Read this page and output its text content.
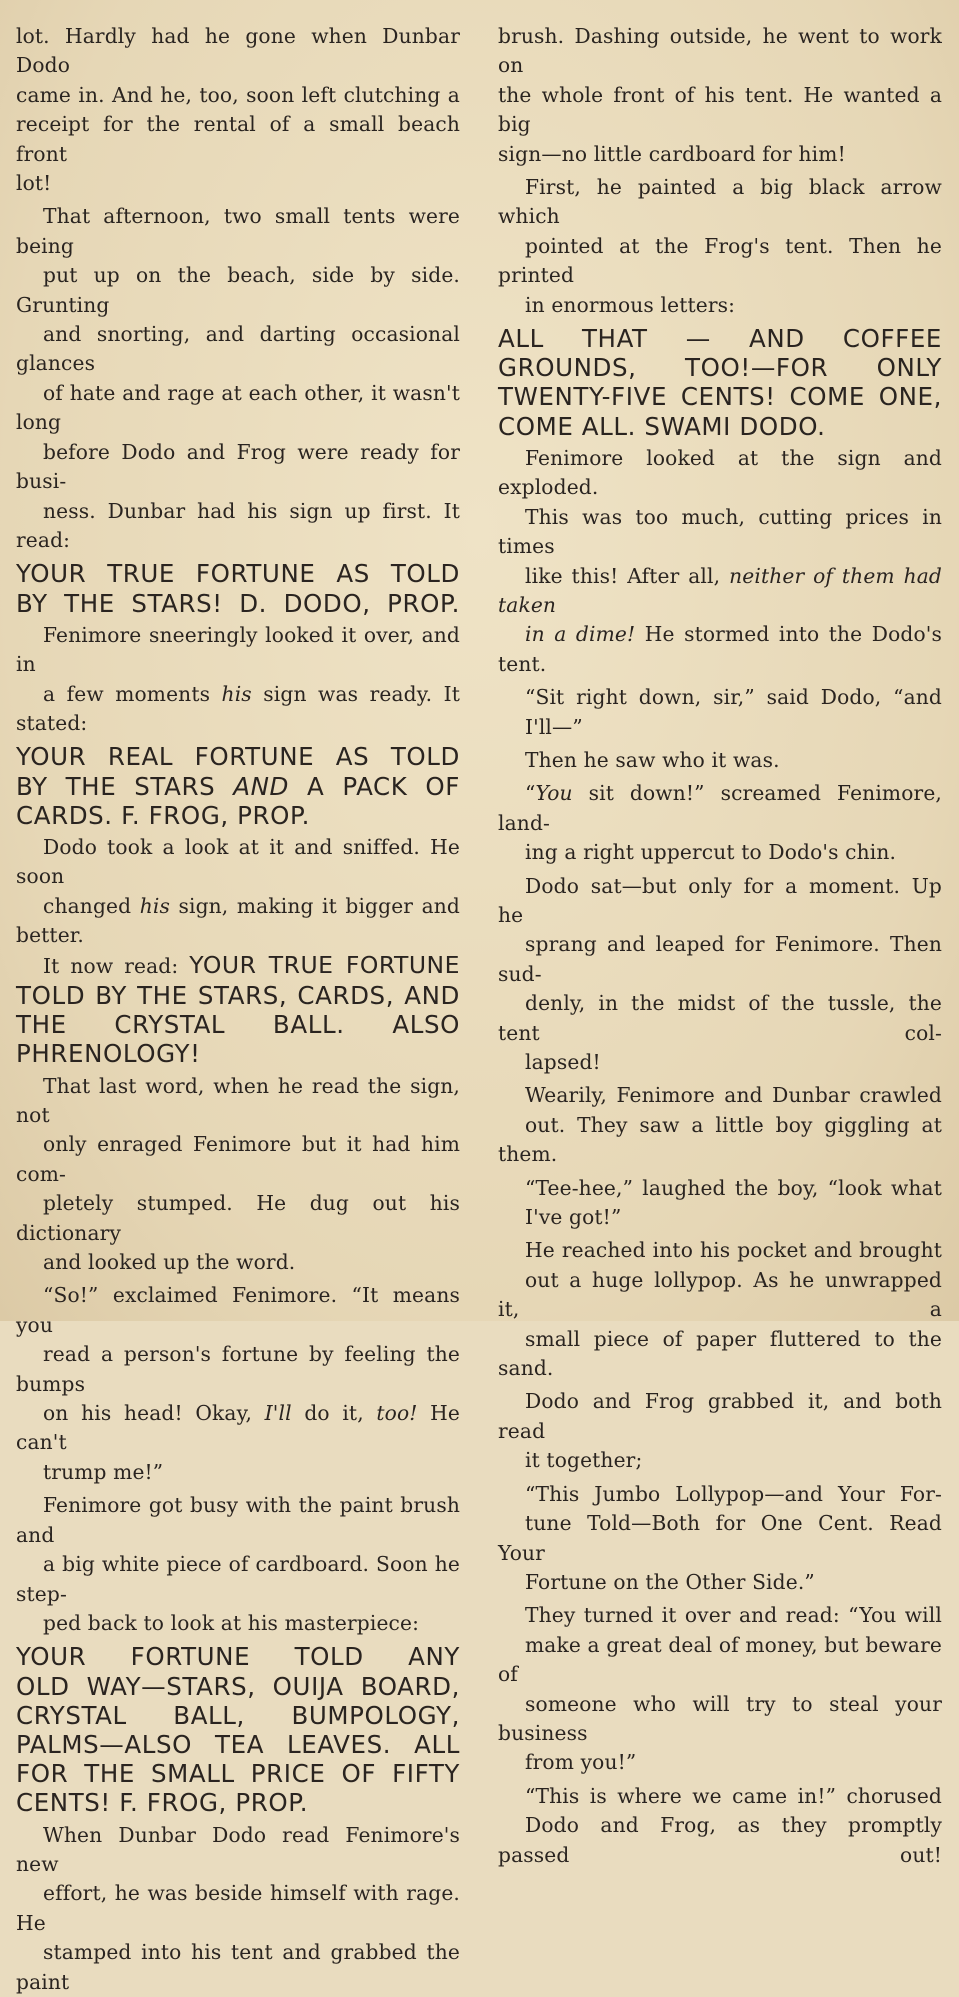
lot. Hardly had he gone when Dunbar Dodo
came in. And he, too, soon left clutching a
receipt for the rental of a small beach front
lot!

That afternoon, two small tents were being
put up on the beach, side by side. Grunting
and snorting, and darting occasional glances
of hate and rage at each other, it wasn't long
before Dodo and Frog were ready for busi-
ness. Dunbar had his sign up first. It read:

YOUR TRUE FORTUNE AS TOLD
BY THE STARS! D. DODO, PROP.

Fenimore sneeringly looked it over, and in
a few moments his sign was ready. It stated:

YOUR REAL FORTUNE AS TOLD
BY THE STARS AND A PACK OF
CARDS. F. FROG, PROP.

Dodo took a look at it and sniffed. He soon
changed his sign, making it bigger and better.
It now read: YOUR TRUE FORTUNE

TOLD BY THE STARS, CARDS, AND
THE CRYSTAL BALL. ALSO
PHRENOLOGY!

That last word, when he read the sign, not
only enraged Fenimore but it had him com-
pletely stumped. He dug out his dictionary
and looked up the word.

“So!” exclaimed Fenimore. “It means you
read a person's fortune by feeling the bumps
on his head! Okay, I'll do it, too! He can't
trump me!”

Fenimore got busy with the paint brush and
a big white piece of cardboard. Soon he step-
ped back to look at his masterpiece:

YOUR FORTUNE TOLD ANY
OLD WAY—STARS, OUIJA BOARD,
CRYSTAL BALL, BUMPOLOGY,
PALMS—ALSO TEA LEAVES. ALL
FOR THE SMALL PRICE OF FIFTY
CENTS! F. FROG, PROP.

When Dunbar Dodo read Fenimore's new
effort, he was beside himself with rage. He
stamped into his tent and grabbed the paint

brush. Dashing outside, he went to work on
the whole front of his tent. He wanted a big
sign—no little cardboard for him!

First, he painted a big black arrow which
pointed at the Frog's tent. Then he printed
in enormous letters:

ALL THAT — AND COFFEE
GROUNDS, TOO!—FOR ONLY
TWENTY-FIVE CENTS! COME ONE,
COME ALL. SWAMI DODO.

Fenimore looked at the sign and exploded.
This was too much, cutting prices in times
like this! After all, neither of them had taken
in a dime! He stormed into the Dodo's tent.

“Sit right down, sir,” said Dodo, “and
I'll—”

Then he saw who it was.

“You sit down!” screamed Fenimore, land-
ing a right uppercut to Dodo's chin.

Dodo sat—but only for a moment. Up he
sprang and leaped for Fenimore. Then sud-
denly, in the midst of the tussle, the tent col-
lapsed!

Wearily, Fenimore and Dunbar crawled
out. They saw a little boy giggling at them.

“Tee-hee,” laughed the boy, “look what
I've got!”

He reached into his pocket and brought
out a huge lollypop. As he unwrapped it, a
small piece of paper fluttered to the sand.

Dodo and Frog grabbed it, and both read
it together;

“This Jumbo Lollypop—and Your For-
tune Told—Both for One Cent. Read Your
Fortune on the Other Side.”

They turned it over and read: “You will
make a great deal of money, but beware of
someone who will try to steal your business
from you!”

“This is where we came in!” chorused
Dodo and Frog, as they promptly passed out!
